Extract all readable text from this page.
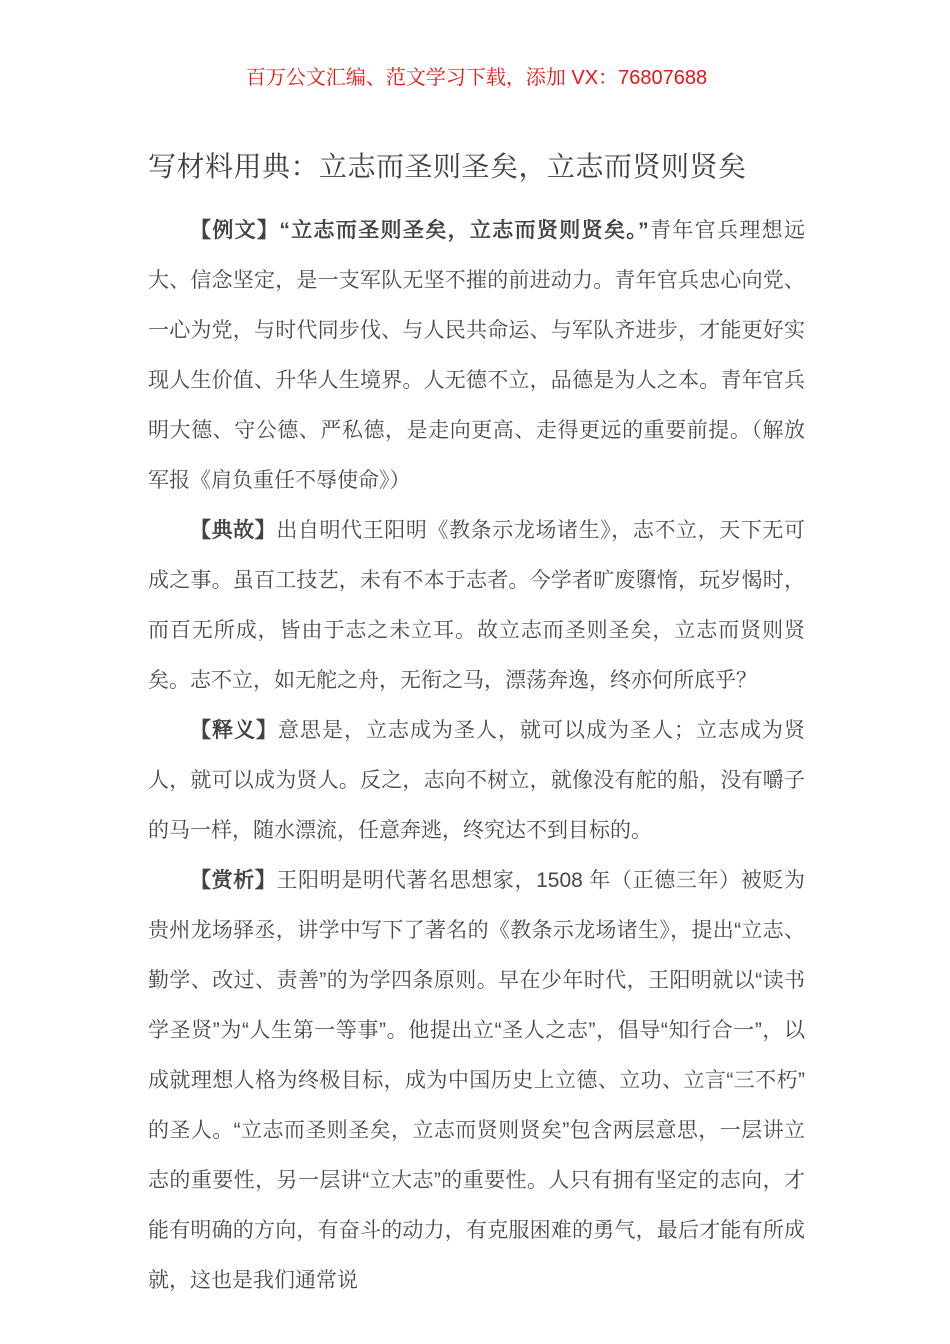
百万公文汇编、范文学习下载，添加 VX：76807688

写材料用典：立志而圣则圣矣，立志而贤则贤矣

【例文】“立志而圣则圣矣，立志而贤则贤矣。”青年官兵理想远大、信念坚定，是一支军队无坚不摧的前进动力。青年官兵忠心向党、一心为党，与时代同步伐、与人民共命运、与军队齐进步，才能更好实现人生价值、升华人生境界。人无德不立，品德是为人之本。青年官兵明大德、守公德、严私德，是走向更高、走得更远的重要前提。（解放军报《肩负重任不辱使命》）

【典故】出自明代王阳明《教条示龙场诸生》，志不立，天下无可成之事。虽百工技艺，未有不本于志者。今学者旷废隳惰，玩岁愒时，而百无所成，皆由于志之未立耳。故立志而圣则圣矣，立志而贤则贤矣。志不立，如无舵之舟，无衔之马，漂荡奔逸，终亦何所底乎？

【释义】意思是，立志成为圣人，就可以成为圣人；立志成为贤人，就可以成为贤人。反之，志向不树立，就像没有舵的船，没有嚼子的马一样，随水漂流，任意奔逃，终究达不到目标的。

【赏析】王阳明是明代著名思想家，1508 年（正德三年）被贬为贵州龙场驿丞，讲学中写下了著名的《教条示龙场诸生》，提出“立志、勤学、改过、责善”的为学四条原则。早在少年时代，王阳明就以“读书学圣贤”为“人生第一等事”。他提出立“圣人之志”，倡导“知行合一”，以成就理想人格为终极目标，成为中国历史上立德、立功、立言“三不朽”的圣人。“立志而圣则圣矣，立志而贤则贤矣”包含两层意思，一层讲立志的重要性，另一层讲“立大志”的重要性。人只有拥有坚定的志向，才能有明确的方向，有奋斗的动力，有克服困难的勇气，最后才能有所成就，这也是我们通常说
